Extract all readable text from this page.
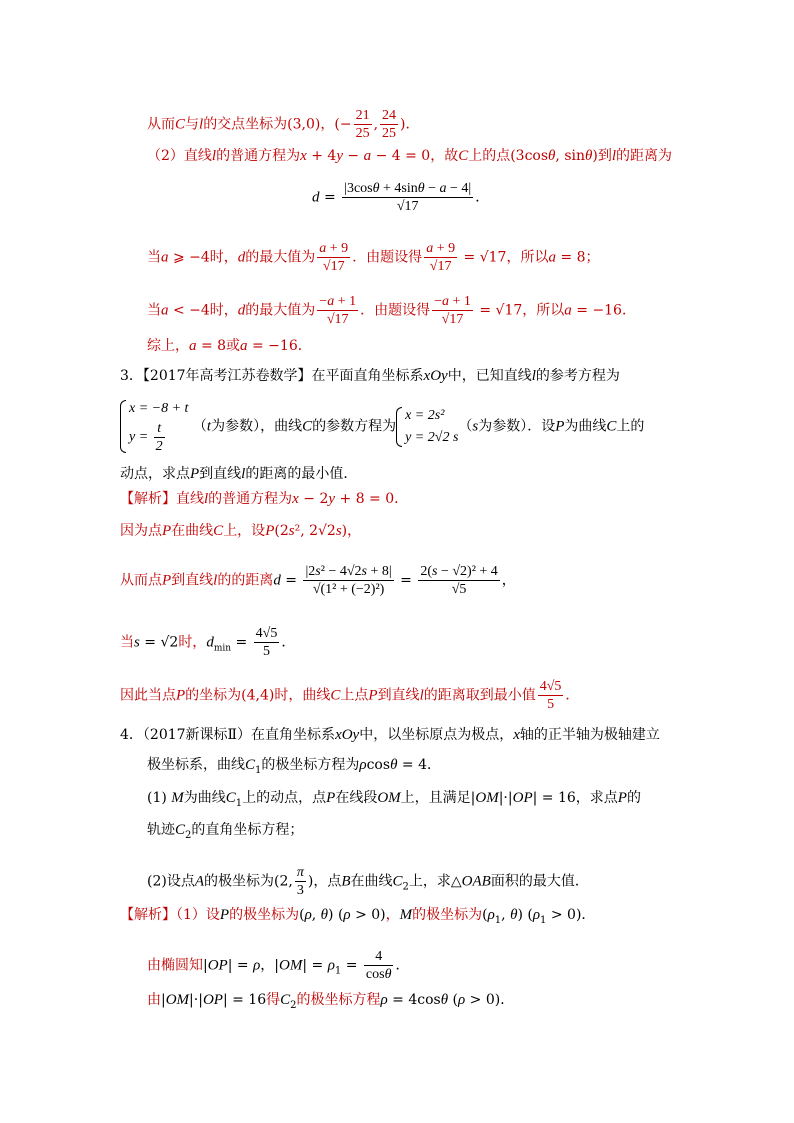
从而C与l的交点坐标为(3,0)，(− $\frac{21}{25}$ , $\frac{24}{25}$ )．
（2）直线l的普通方程为x + 4y − a − 4 = 0，故C上的点(3cosθ, sinθ)到l的距离为
$d = \frac{|3\cos\theta + 4\sin\theta - a - 4|}{√17}$ ．
当a ⩾ −4时，d的最大值为 $\frac{a + 9}{√17}$ ．由题设得 $\frac{a + 9}{√17} = √17$，所以a = 8；
当a < −4时，d的最大值为 $\frac{-a + 1}{√17}$ ．由题设得 $\frac{-a + 1}{√17} = √17$，所以a = −16．
综上，a = 8或a = −16．
3．【2017年高考江苏卷数学】在平面直角坐标系xOy中，已知直线l的参考方程为
x = −8 + t
$y = \frac{t}{2} (t$为参数），曲线C的参数方程为
x = 2s²
y = 2√2 s
（s为参数）．设P为曲线C上的
动点，求点P到直线l的距离的最小值．
【解析】直线l的普通方程为x − 2y + 8 = 0．
因为点P在曲线C上，设P(2s², 2√2s)，
从而点P到直线l的的距离$d = \frac{\text{|2s² − 4√2s + 8|}}{\text{√(1² + (−2)²)}} = \frac{\text{2(s − √2)² + 4}}{√5}$ ，
当s = √2时，$d_{min} = \frac{4√5}{5}$ ．
因此当点P的坐标为(4,4)时，曲线C上点P到直线l的距离取到最小值 $\frac{4√5}{5}$ ．
4．（2017新课标Ⅱ）在直角坐标系xOy中，以坐标原点为极点，x轴的正半轴为极轴建立
极坐标系，曲线$C_1$的极坐标方程为ρcosθ = 4．
(1) M为曲线$C_1$上的动点，点P在线段OM上，且满足|OM|·|OP| = 16，求点P的
轨迹$C_2$的直角坐标方程；
(2)设点A的极坐标为(2, $\frac{\pi}{3}$ )，点B在曲线$C_2$上，求△OAB面积的最大值．
【解析】（1）设P的极坐标为(ρ, θ) (ρ > 0)，M的极坐标为($\rho_1$, θ) $(\rho_1 > 0)$．
由椭圆知|OP| = ρ，$|OM| = \rho_1 = \frac{4}{\cos\theta}$ ．
由|OM|·|OP| = 16得$C_2$的极坐标方程ρ = 4cosθ (ρ > 0)．
